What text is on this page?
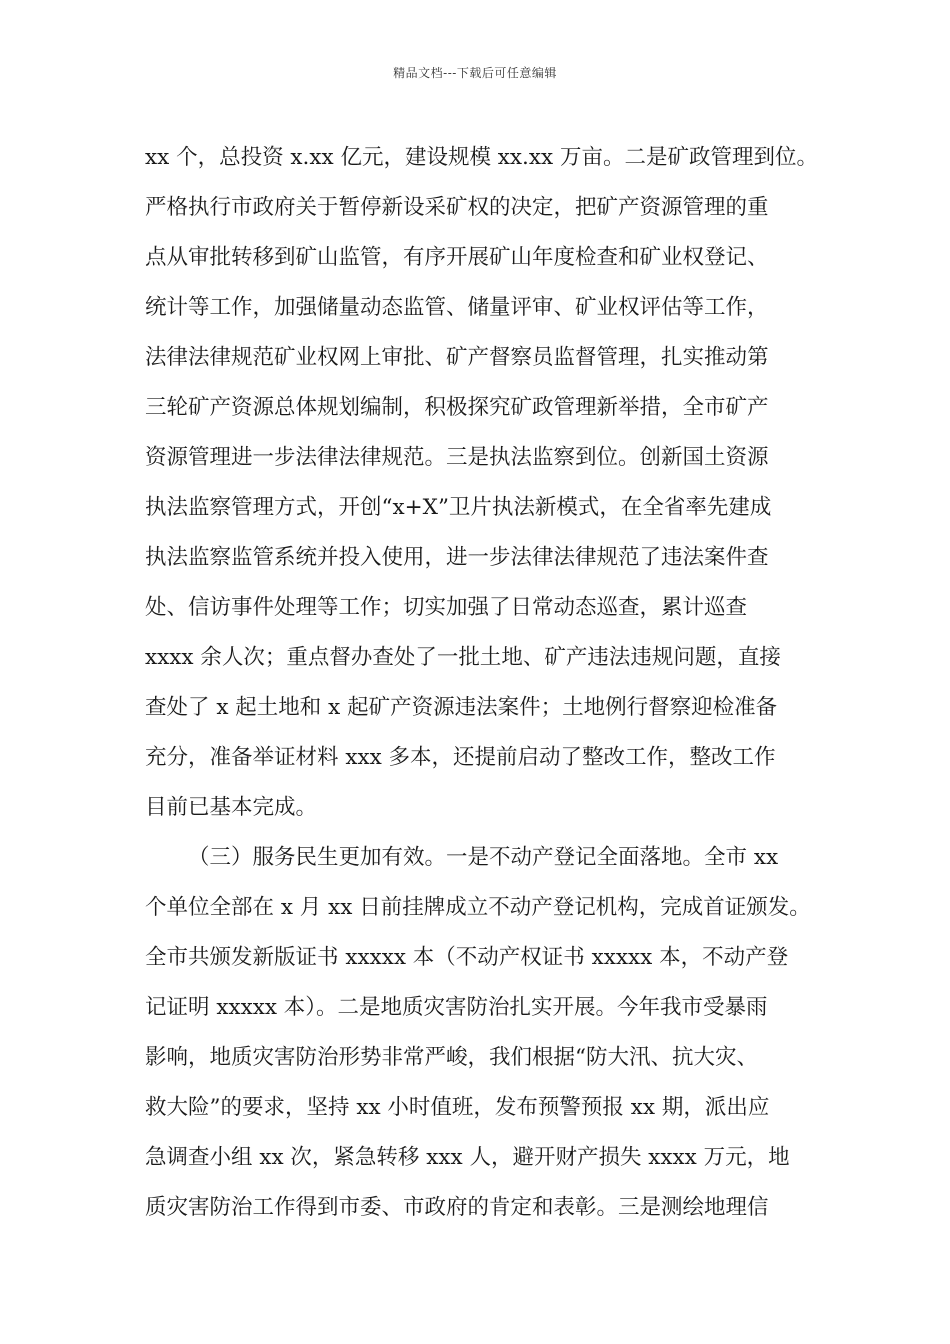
精品文档---下载后可任意编辑
xx 个，总投资 x.xx 亿元，建设规模 xx.xx 万亩。二是矿政管理到位。
严格执行市政府关于暂停新设采矿权的决定，把矿产资源管理的重
点从审批转移到矿山监管，有序开展矿山年度检查和矿业权登记、
统计等工作，加强储量动态监管、储量评审、矿业权评估等工作，
法律法律规范矿业权网上审批、矿产督察员监督管理，扎实推动第
三轮矿产资源总体规划编制，积极探究矿政管理新举措，全市矿产
资源管理进一步法律法律规范。三是执法监察到位。创新国土资源
执法监察管理方式，开创“x+X”卫片执法新模式，在全省率先建成
执法监察监管系统并投入使用，进一步法律法律规范了违法案件查
处、信访事件处理等工作；切实加强了日常动态巡查，累计巡查
xxxx 余人次；重点督办查处了一批土地、矿产违法违规问题，直接
查处了 x 起土地和 x 起矿产资源违法案件；土地例行督察迎检准备
充分，准备举证材料 xxx 多本，还提前启动了整改工作，整改工作
目前已基本完成。
（三）服务民生更加有效。一是不动产登记全面落地。全市 xx
个单位全部在 x 月 xx 日前挂牌成立不动产登记机构，完成首证颁发。
全市共颁发新版证书 xxxxx 本（不动产权证书 xxxxx 本，不动产登
记证明 xxxxx 本）。二是地质灾害防治扎实开展。今年我市受暴雨
影响，地质灾害防治形势非常严峻，我们根据“防大汛、抗大灾、
救大险”的要求，坚持 xx 小时值班，发布预警预报 xx 期，派出应
急调查小组 xx 次，紧急转移 xxx 人，避开财产损失 xxxx 万元，地
质灾害防治工作得到市委、市政府的肯定和表彰。三是测绘地理信
